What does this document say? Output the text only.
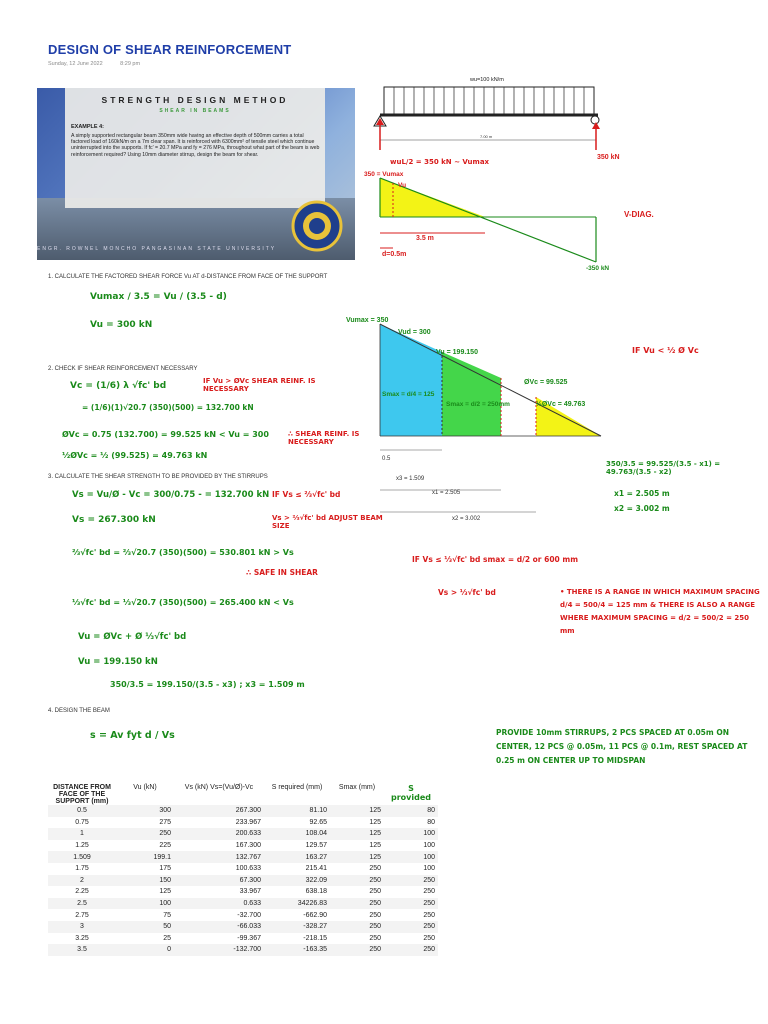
DESIGN OF SHEAR REINFORCEMENT
Sunday, 12 June 2022	8:29 pm
STRENGTH DESIGN METHOD
SHEAR IN BEAMS
EXAMPLE 4:
A simply supported rectangular beam 350mm wide having an effective depth of 500mm carries a total factored load of 160kN/m on a 7m clear span. It is reinforced with 6300mm² of tensile steel which continue uninterrupted into the supports. If fc' = 20.7 MPa and fy = 276 MPa, throughout what part of the beam is web reinforcement required? Using 10mm diameter stirrup, design the beam for shear.
ENGR. ROWNEL MONCHO PANGASINAN STATE UNIVERSITY
wu=100 kN/m
7.00 m
wuL/2 = 350 kN ~ Vumax
350 kN
350 = Vumax
Vu
V-DIAG.
3.5 m
d=0.5m
-350 kN
1. CALCULATE THE FACTORED SHEAR FORCE Vu AT d-DISTANCE FROM FACE OF THE SUPPORT
Vumax / 3.5 = Vu / (3.5 - d)
Vu = 300 kN
2. CHECK IF SHEAR REINFORCEMENT NECESSARY
Vc = (1/6) λ √fc' bd
= (1/6)(1)√20.7 (350)(500) = 132.700 kN
IF Vu > ØVc SHEAR REINF. IS NECESSARY
ØVc = 0.75 (132.700) = 99.525 kN < Vu = 300	∴ SHEAR REINF. IS NECESSARY
½ØVc = ½ (99.525) = 49.763 kN
3. CALCULATE THE SHEAR STRENGTH TO BE PROVIDED BY THE STIRRUPS
Vs = Vu/Ø - Vc = 300/0.75 - = 132.700 kN
Vs = 267.300 kN
IF Vs ≤ ⅔√fc' bd
Vs > ⅔√fc' bd ADJUST BEAM SIZE
⅔√fc' bd = ⅔√20.7 (350)(500) = 530.801 kN > Vs
∴ SAFE IN SHEAR
⅓√fc' bd = ⅓√20.7 (350)(500) = 265.400 kN < Vs
Vu = ØVc + Ø ⅓√fc' bd
Vu = 199.150 kN
350/3.5 = 199.150/(3.5 - x3) ; x3 = 1.509 m
IF Vs ≤ ⅓√fc' bd smax = d/2 or 600 mm
Vs > ⅓√fc' bd	• THERE IS A RANGE IN WHICH MAXIMUM SPACING d/4 = 500/4 = 125 mm & THERE IS ALSO A RANGE WHERE MAXIMUM SPACING = d/2 = 500/2 = 250 mm
Vumax = 350
Vud = 300
Vu = 199.150
ØVc = 99.525
½ØVc = 49.763
Smax = d/4 = 125
Smax = d/2 = 250mm
0.5
x3 = 1.509
x1 = 2.505
x2 = 3.002
IF Vu < ½ Ø Vc
350/3.5 = 99.525/(3.5 - x1) = 49.763/(3.5 - x2)
x1 = 2.505 m
x2 = 3.002 m
4. DESIGN THE BEAM
s = Av fyt d / Vs	PROVIDE 10mm STIRRUPS, 2 PCS SPACED AT 0.05m ON CENTER, 12 PCS @ 0.05m, 11 PCS @ 0.1m, REST SPACED AT 0.25 m ON CENTER UP TO MIDSPAN
DISTANCE FROM FACE OF THE SUPPORT (mm)	Vu (kN)	Vs (kN) Vs=(Vu/Ø)-Vc	S required (mm)	Smax (mm)	S provided
0.5	300	267.300	81.10	125	80
0.75	275	233.967	92.65	125	80
1	250	200.633	108.04	125	100
1.25	225	167.300	129.57	125	100
1.509	199.1	132.767	163.27	125	100
1.75	175	100.633	215.41	250	100
2	150	67.300	322.09	250	250
2.25	125	33.967	638.18	250	250
2.5	100	0.633	34226.83	250	250
2.75	75	-32.700	-662.90	250	250
3	50	-66.033	-328.27	250	250
3.25	25	-99.367	-218.15	250	250
3.5	0	-132.700	-163.35	250	250
